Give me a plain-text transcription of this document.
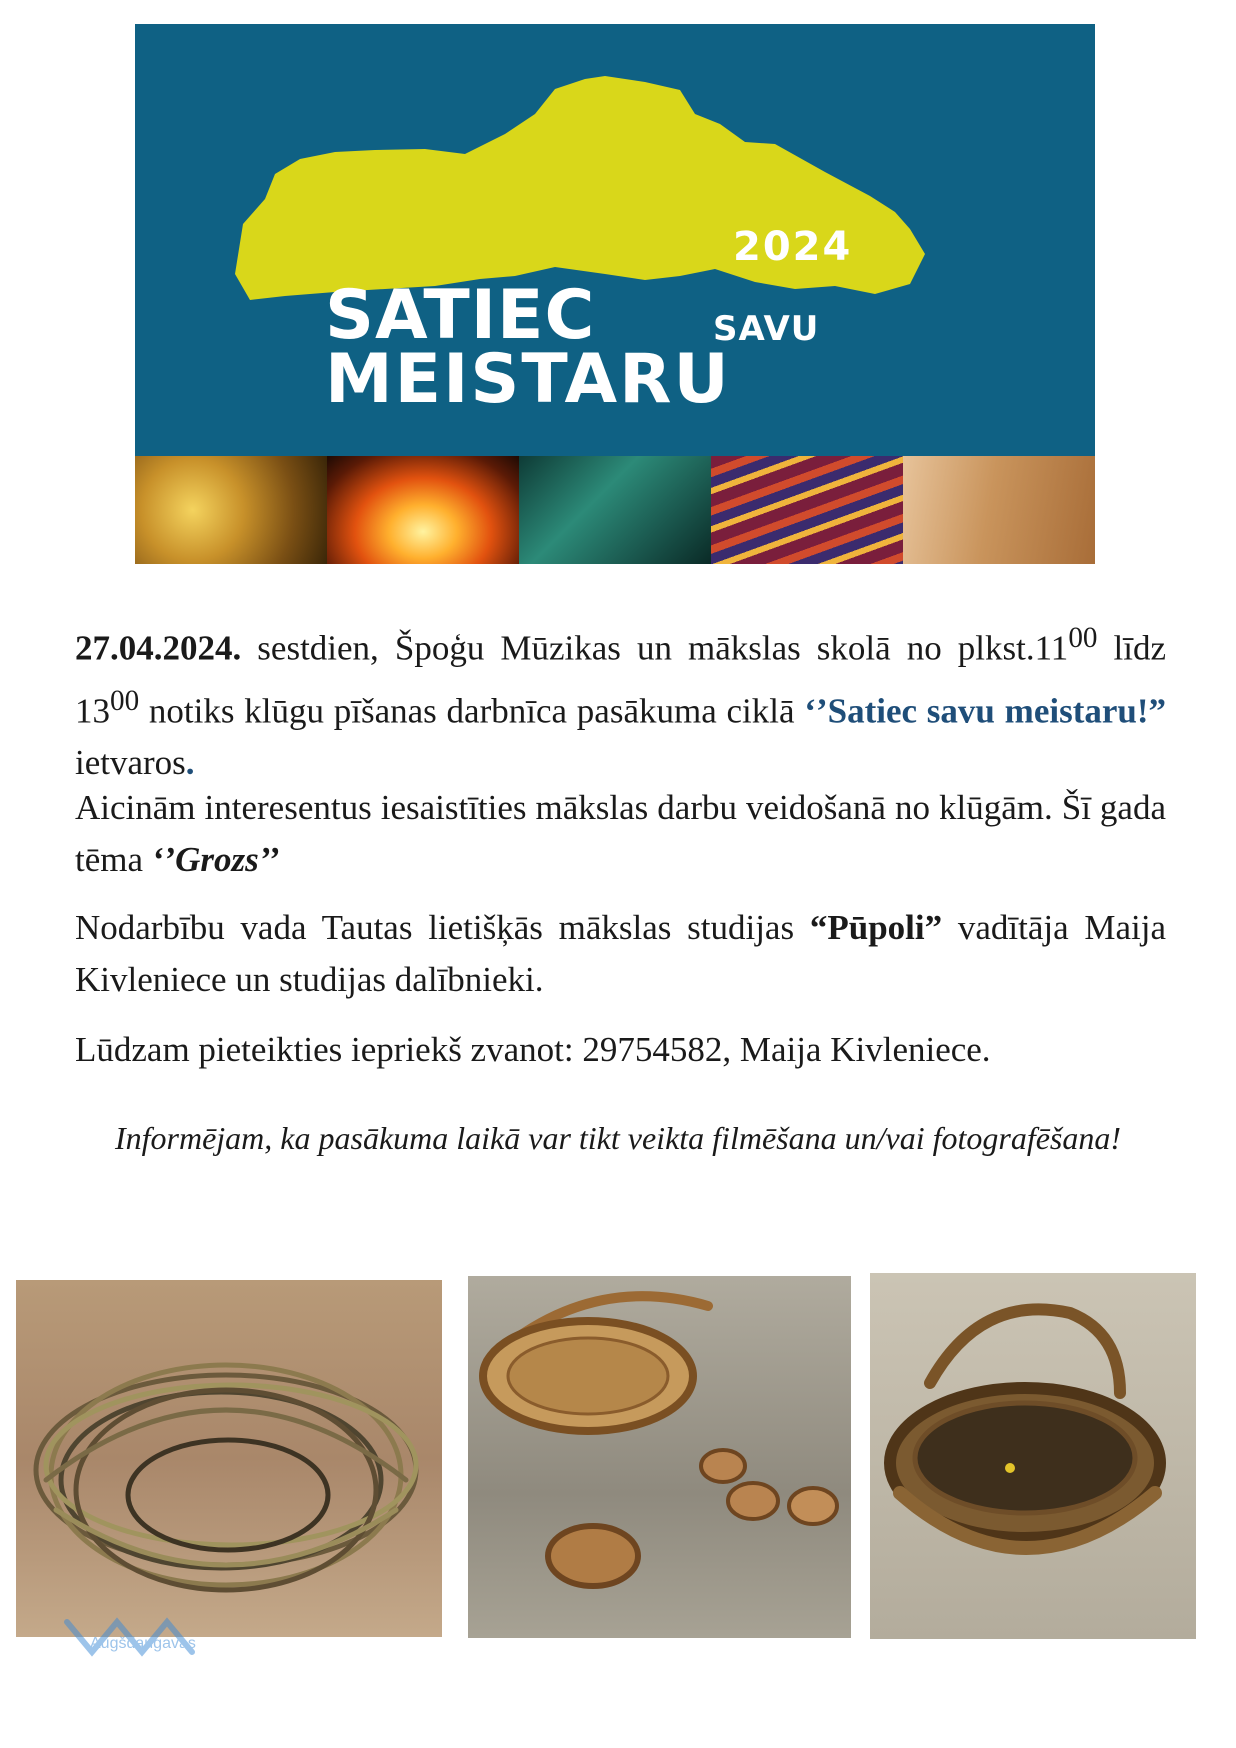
2024
SATIEC	SAVU
MEISTARU

27.04.2024. sestdien, Špoģu Mūzikas un mākslas skolā no $plkst.11^{00}$ līdz $13^{00}$ notiks klūgu pīšanas darbnīca pasākuma ciklā ‘’Satiec savu meistaru!” ietvaros.

Aicinām interesentus iesaistīties mākslas darbu veidošanā no klūgām. Šī gada tēma ‘’Grozs’’

Nodarbību vada Tautas lietišķās mākslas studijas “Pūpoli” vadītāja Maija Kivleniece un studijas dalībnieki.

Lūdzam pieteikties iepriekš zvanot: 29754582, Maija Kivleniece.

Informējam, ka pasākuma laikā var tikt veikta filmēšana un/vai fotografēšana!

Augšdaugavas
